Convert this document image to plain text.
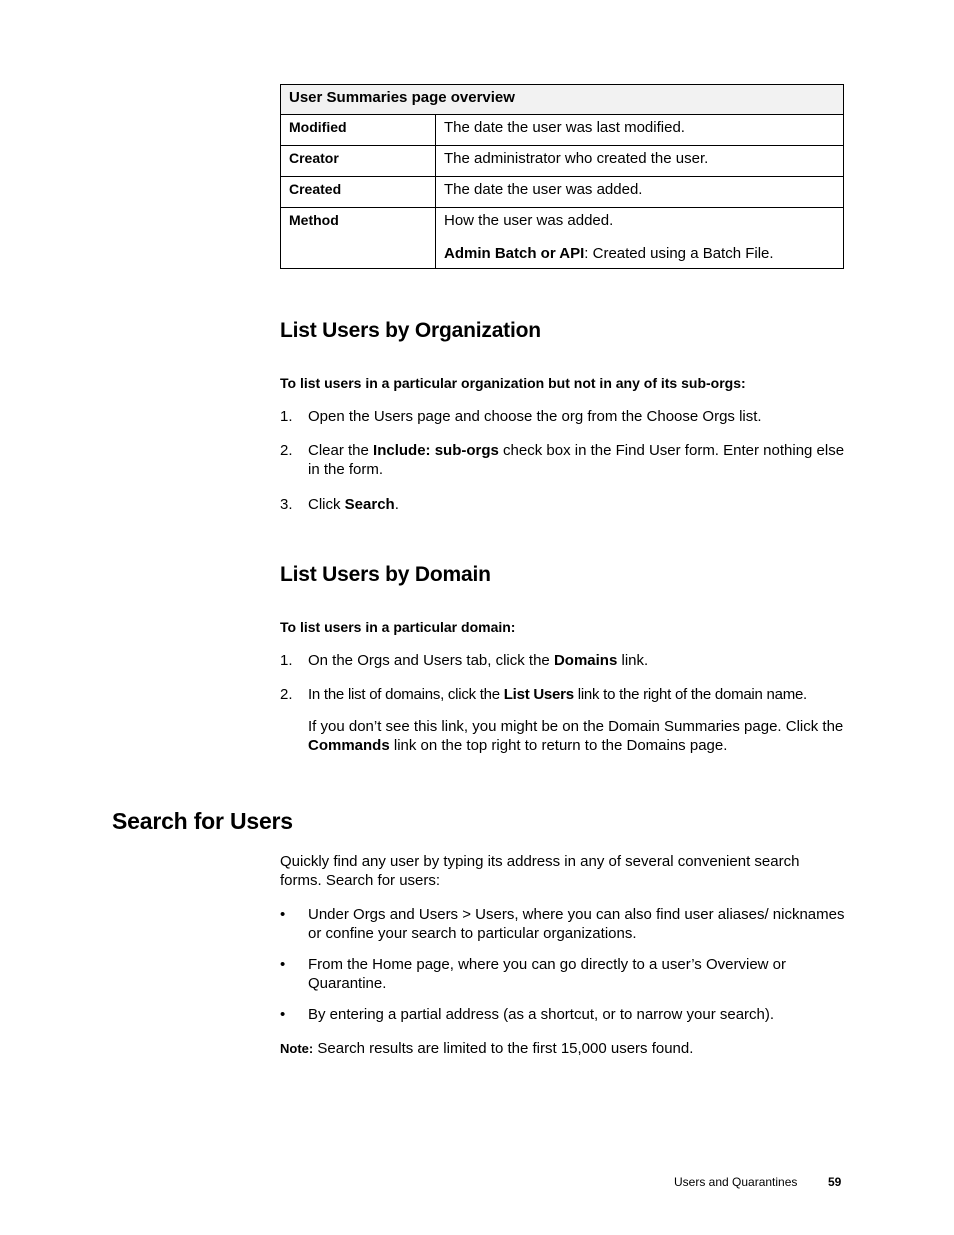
User Summaries page overview	
Modified	The date the user was last modified.
Creator	The administrator who created the user.
Created	The date the user was added.
Method	How the user was added.

Admin Batch or API: Created using a Batch File.

List Users by Organization

To list users in a particular organization but not in any of its sub-orgs:

1. Open the Users page and choose the org from the Choose Orgs list.
2. Clear the Include: sub-orgs check box in the Find User form. Enter nothing else in the form.
3. Click Search.
List Users by Domain

To list users in a particular domain:

1. On the Orgs and Users tab, click the Domains link.
2. In the list of domains, click the List Users link to the right of the domain name.

If you don’t see this link, you might be on the Domain Summaries page. Click the Commands link on the top right to return to the Domains page.

Search for Users

Quickly find any user by typing its address in any of several convenient search forms. Search for users:

• Under Orgs and Users > Users, where you can also find user aliases/ nicknames or confine your search to particular organizations.
• From the Home page, where you can go directly to a user’s Overview or Quarantine.
• By entering a partial address (as a shortcut, or to narrow your search).

Note: Search results are limited to the first 15,000 users found.

Users and Quarantines	59
